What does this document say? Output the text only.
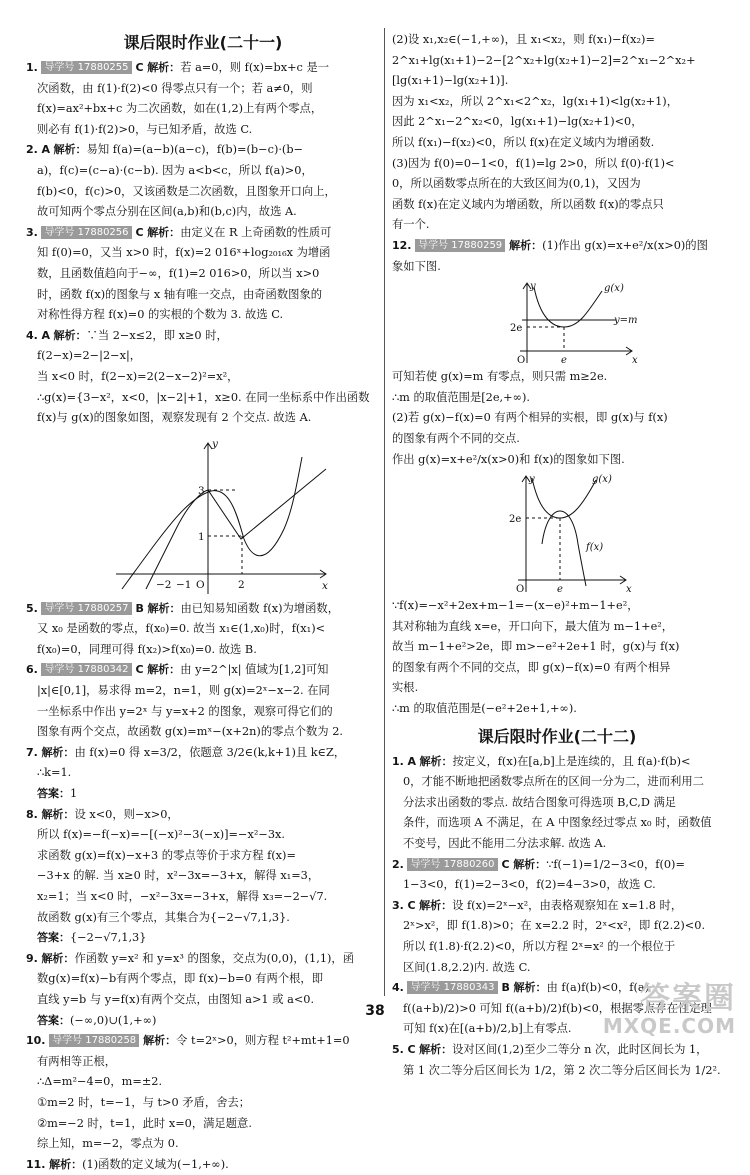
课后限时作业(二十一)
1. 导学号 17880255 C 解析：若 a=0，则 f(x)=bx+c 是一
次函数，由 f(1)·f(2)<0 得零点只有一个；若 a≠0，则
f(x)=ax²+bx+c 为二次函数，如在(1,2)上有两个零点，
则必有 f(1)·f(2)>0，与已知矛盾，故选 C.
2. A 解析：易知 f(a)=(a−b)(a−c)，f(b)=(b−c)·(b−
a)，f(c)=(c−a)·(c−b). 因为 a<b<c，所以 f(a)>0，
f(b)<0，f(c)>0，又该函数是二次函数，且图象开口向上，
故可知两个零点分别在区间(a,b)和(b,c)内，故选 A.
3. 导学号 17880256 C 解析：由定义在 R 上奇函数的性质可
知 f(0)=0，又当 x>0 时，f(x)=2 016ˣ+log₂₀₁₆x 为增函
数，且函数值趋向于−∞，f(1)=2 016>0，所以当 x>0
时，函数 f(x)的图象与 x 轴有唯一交点，由奇函数图象的
对称性得方程 f(x)=0 的实根的个数为 3. 故选 C.
4. A 解析：∵当 2−x≤2，即 x≥0 时，
f(2−x)=2−|2−x|，
当 x<0 时，f(2−x)=2(2−x−2)²=x²，
∴g(x)={3−x²，x<0，|x−2|+1，x≥0. 在同一坐标系中作出函数
f(x)与 g(x)的图象如图，观察发现有 2 个交点. 故选 A.
y
x
3
1
−2 −1 O	2
5. 导学号 17880257 B 解析：由已知易知函数 f(x)为增函数，
又 x₀ 是函数的零点，f(x₀)=0. 故当 x₁∈(1,x₀)时，f(x₁)<
f(x₀)=0，同理可得 f(x₂)>f(x₀)=0. 故选 B.
6. 导学号 17880342 C 解析：由 y=2^|x| 值域为[1,2]可知
|x|∈[0,1]，易求得 m=2，n=1，则 g(x)=2ˣ−x−2. 在同
一坐标系中作出 y=2ˣ 与 y=x+2 的图象，观察可得它们的
图象有两个交点，故函数 g(x)=mˣ−(x+2n)的零点个数为 2.
7. 解析：由 f(x)=0 得 x=3/2，依题意 3/2∈(k,k+1)且 k∈Z，
∴k=1.
答案：1
8. 解析：设 x<0，则−x>0，
所以 f(x)=−f(−x)=−[(−x)²−3(−x)]=−x²−3x.
求函数 g(x)=f(x)−x+3 的零点等价于求方程 f(x)=
−3+x 的解. 当 x≥0 时，x²−3x=−3+x，解得 x₁=3，
x₂=1；当 x<0 时，−x²−3x=−3+x，解得 x₃=−2−√7.
故函数 g(x)有三个零点，其集合为{−2−√7,1,3}.
答案：{−2−√7,1,3}
9. 解析：作函数 y=x² 和 y=x³ 的图象，交点为(0,0)，(1,1)，函
数g(x)=f(x)−b有两个零点，即 f(x)−b=0 有两个根，即
直线 y=b 与 y=f(x)有两个交点，由图知 a>1 或 a<0.
答案：(−∞,0)∪(1,+∞)
10. 导学号 17880258 解析：令 t=2ˣ>0，则方程 t²+mt+1=0
有两相等正根，
∴Δ=m²−4=0，m=±2.
①m=2 时，t=−1，与 t>0 矛盾，舍去；
②m=−2 时，t=1，此时 x=0，满足题意.
综上知，m=−2，零点为 0.
11. 解析：(1)函数的定义域为(−1,+∞).
(2)设 x₁,x₂∈(−1,+∞)，且 x₁<x₂，则 f(x₁)−f(x₂)=
2^x₁+lg(x₁+1)−2−[2^x₂+lg(x₂+1)−2]=2^x₁−2^x₂+
[lg(x₁+1)−lg(x₂+1)].
因为 x₁<x₂，所以 2^x₁<2^x₂，lg(x₁+1)<lg(x₂+1)，
因此 2^x₁−2^x₂<0，lg(x₁+1)−lg(x₂+1)<0，
所以 f(x₁)−f(x₂)<0，所以 f(x)在定义域内为增函数.
(3)因为 f(0)=0−1<0，f(1)=lg 2>0，所以 f(0)·f(1)<
0，所以函数零点所在的大致区间为(0,1)，又因为
函数 f(x)在定义域内为增函数，所以函数 f(x)的零点只
有一个.
12. 导学号 17880259 解析：(1)作出 g(x)=x+e²/x(x>0)的图
象如下图.
y
x
g(x)
y=m
2e
O	e
可知若使 g(x)=m 有零点，则只需 m≥2e.
∴m 的取值范围是[2e,+∞).
(2)若 g(x)−f(x)=0 有两个相异的实根，即 g(x)与 f(x)
的图象有两个不同的交点.
作出 g(x)=x+e²/x(x>0)和 f(x)的图象如下图.
y
x
g(x)
f(x)
2e
O	e
∵f(x)=−x²+2ex+m−1=−(x−e)²+m−1+e²，
其对称轴为直线 x=e，开口向下，最大值为 m−1+e²，
故当 m−1+e²>2e，即 m>−e²+2e+1 时，g(x)与 f(x)
的图象有两个不同的交点，即 g(x)−f(x)=0 有两个相异
实根.
∴m 的取值范围是(−e²+2e+1,+∞).
课后限时作业(二十二)
1. A 解析：按定义，f(x)在[a,b]上是连续的，且 f(a)·f(b)<
0，才能不断地把函数零点所在的区间一分为二，进而利用二
分法求出函数的零点. 故结合图象可得选项 B,C,D 满足
条件，而选项 A 不满足，在 A 中图象经过零点 x₀ 时，函数值
不变号，因此不能用二分法求解. 故选 A.
2. 导学号 17880260 C 解析：∵f(−1)=1/2−3<0，f(0)=
1−3<0，f(1)=2−3<0，f(2)=4−3>0，故选 C.
3. C 解析：设 f(x)=2ˣ−x²，由表格观察知在 x=1.8 时，
2ˣ>x²，即 f(1.8)>0；在 x=2.2 时，2ˣ<x²，即 f(2.2)<0.
所以 f(1.8)·f(2.2)<0，所以方程 2ˣ=x² 的一个根位于
区间(1.8,2.2)内. 故选 C.
4. 导学号 17880343 B 解析：由 f(a)f(b)<0，f(a)·
f((a+b)/2)>0 可知 f((a+b)/2)f(b)<0，根据零点存在性定理
可知 f(x)在[(a+b)/2,b]上有零点.
5. C 解析：设对区间(1,2)至少二等分 n 次，此时区间长为 1，
第 1 次二等分后区间长为 1/2，第 2 次二等分后区间长为 1/2².
38	答案圈
MXQE.COM
